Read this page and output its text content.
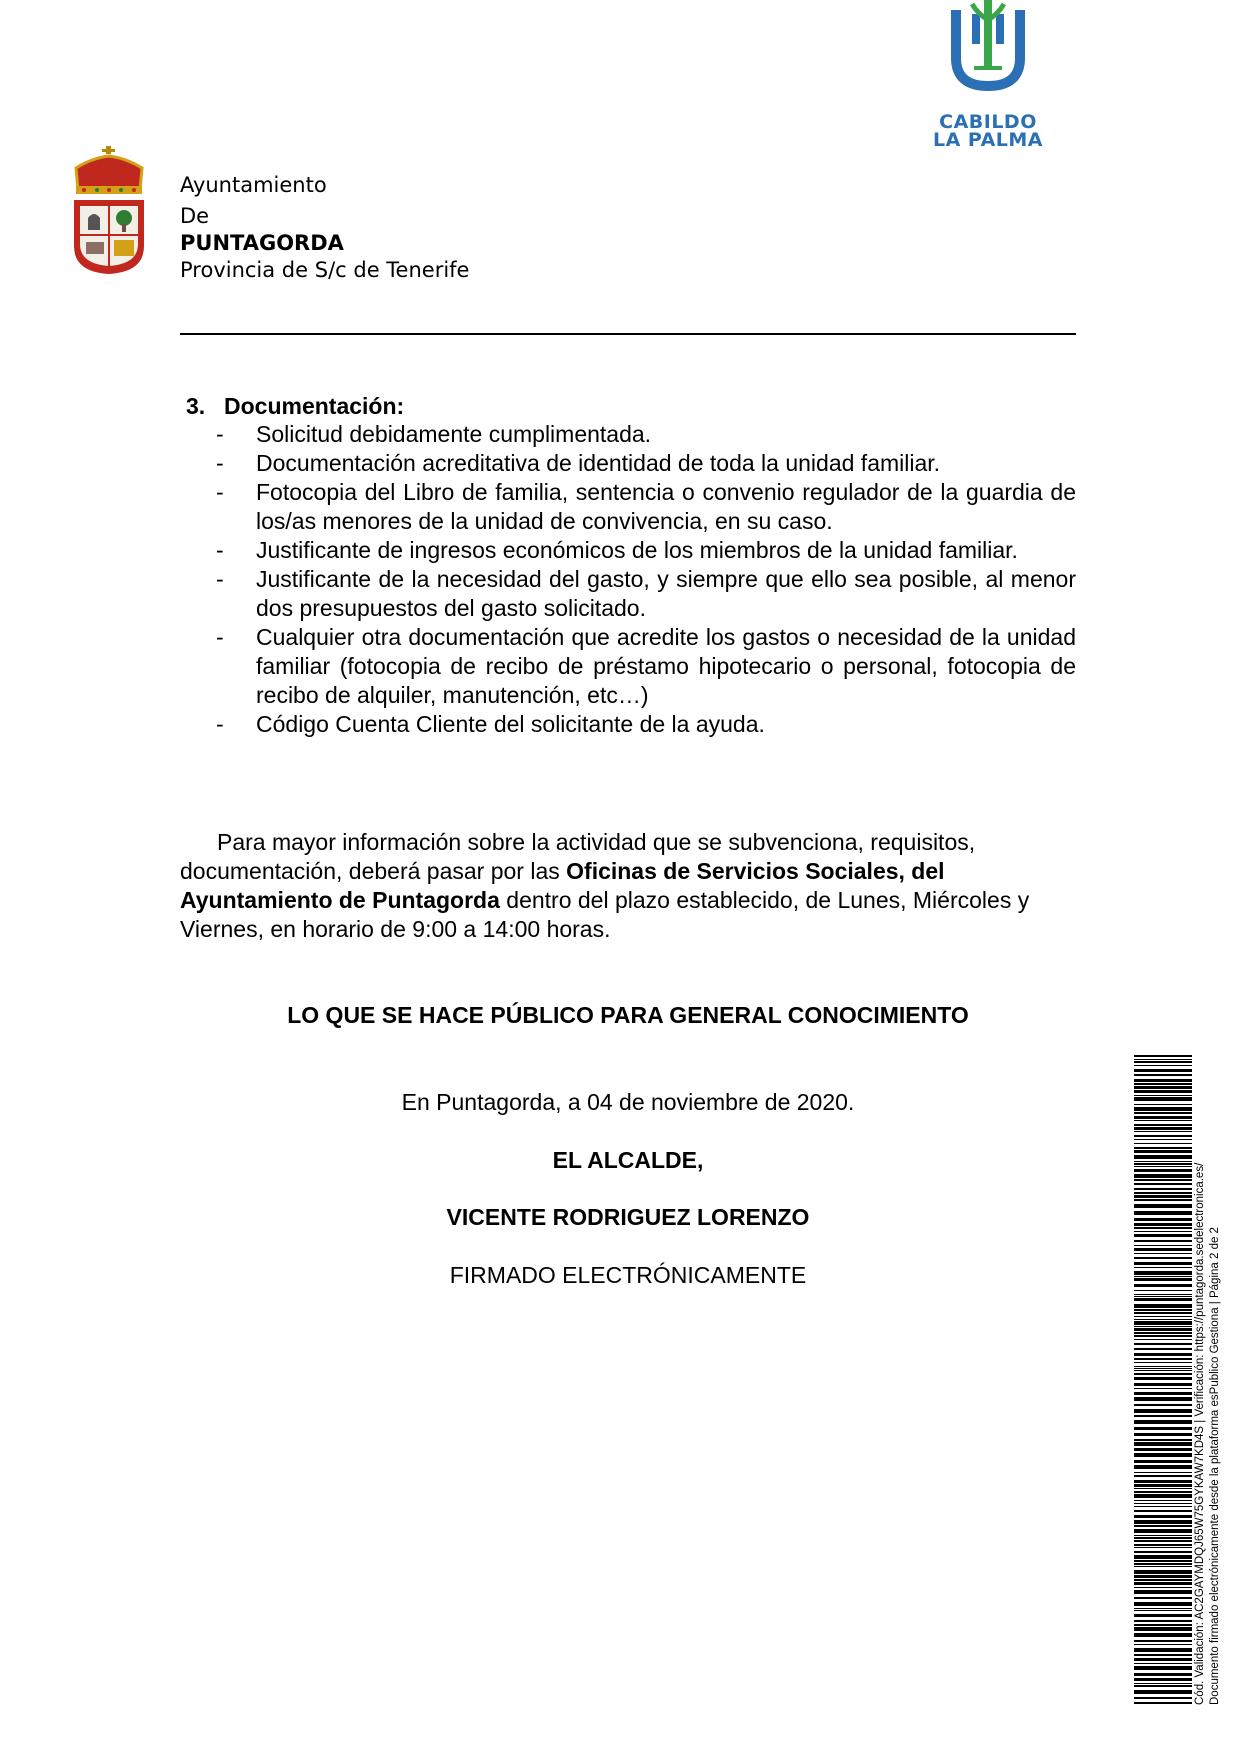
CABILDO
LA PALMA
Ayuntamiento
De
PUNTAGORDA
Provincia de S/c de Tenerife
3. Documentación:
- Solicitud debidamente cumplimentada.
- Documentación acreditativa de identidad de toda la unidad familiar.
- Fotocopia del Libro de familia, sentencia o convenio regulador de la guardia de los/as menores de la unidad de convivencia, en su caso.
- Justificante de ingresos económicos de los miembros de la unidad familiar.
- Justificante de la necesidad del gasto, y siempre que ello sea posible, al menor dos presupuestos del gasto solicitado.
- Cualquier otra documentación que acredite los gastos o necesidad de la unidad familiar (fotocopia de recibo de préstamo hipotecario o personal, fotocopia de recibo de alquiler, manutención, etc…)
- Código Cuenta Cliente del solicitante de la ayuda.
Para mayor información sobre la actividad que se subvenciona, requisitos, documentación, deberá pasar por las Oficinas de Servicios Sociales, del Ayuntamiento de Puntagorda dentro del plazo establecido, de Lunes, Miércoles y Viernes, en horario de 9:00 a 14:00 horas.
LO QUE SE HACE PÚBLICO PARA GENERAL CONOCIMIENTO
En Puntagorda, a 04 de noviembre de 2020.
EL ALCALDE,
VICENTE RODRIGUEZ LORENZO
FIRMADO ELECTRÓNICAMENTE	Cód. Validación: AC2GAYMDQJ65W75GYKAW7KD4S | Verificación: https://puntagorda.sedelectronica.es/ Documento firmado electrónicamente desde la plataforma esPublico Gestiona | Página 2 de 2
